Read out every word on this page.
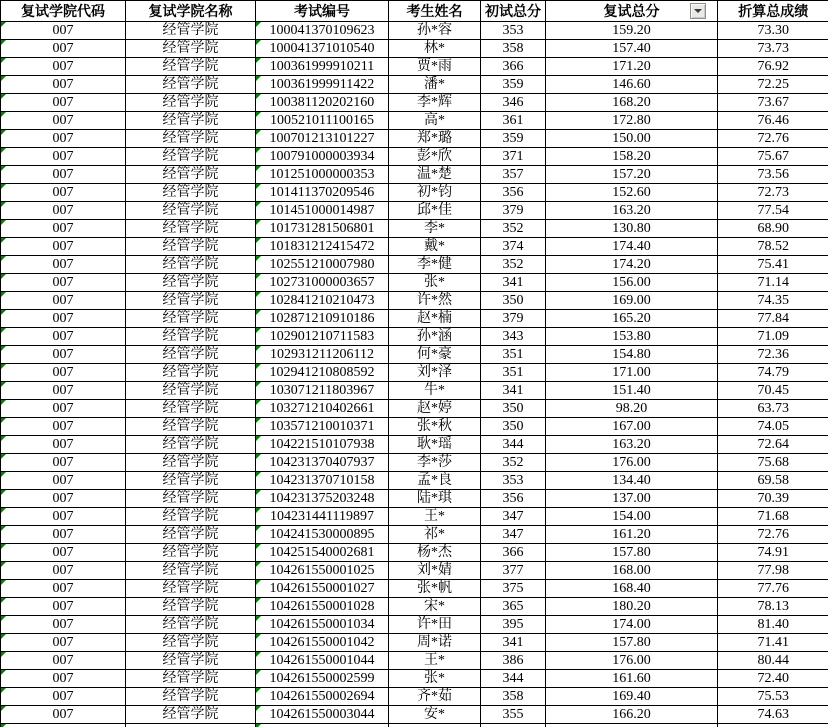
复试学院代码	复试学院名称	考试编号	考生姓名	初试总分	复试总分	折算总成绩

007	经管学院	100041370109623	孙*容	353	159.20	73.30

007	经管学院	100041371010540	林*	358	157.40	73.73

007	经管学院	100361999910211	贾*雨	366	171.20	76.92

007	经管学院	100361999911422	潘*	359	146.60	72.25

007	经管学院	100381120202160	李*辉	346	168.20	73.67

007	经管学院	100521011100165	高*	361	172.80	76.46

007	经管学院	100701213101227	郑*璐	359	150.00	72.76

007	经管学院	100791000003934	彭*欣	371	158.20	75.67

007	经管学院	101251000000353	温*楚	357	157.20	73.56

007	经管学院	101411370209546	初*钧	356	152.60	72.73

007	经管学院	101451000014987	邱*佳	379	163.20	77.54

007	经管学院	101731281506801	李*	352	130.80	68.90

007	经管学院	101831212415472	戴*	374	174.40	78.52

007	经管学院	102551210007980	李*健	352	174.20	75.41

007	经管学院	102731000003657	张*	341	156.00	71.14

007	经管学院	102841210210473	许*然	350	169.00	74.35

007	经管学院	102871210910186	赵*楠	379	165.20	77.84

007	经管学院	102901210711583	孙*涵	343	153.80	71.09

007	经管学院	102931211206112	何*豪	351	154.80	72.36

007	经管学院	102941210808592	刘*泽	351	171.00	74.79

007	经管学院	103071211803967	牛*	341	151.40	70.45

007	经管学院	103271210402661	赵*婷	350	98.20	63.73

007	经管学院	103571210010371	张*秋	350	167.00	74.05

007	经管学院	104221510107938	耿*瑶	344	163.20	72.64

007	经管学院	104231370407937	李*莎	352	176.00	75.68

007	经管学院	104231370710158	孟*良	353	134.40	69.58

007	经管学院	104231375203248	陆*琪	356	137.00	70.39

007	经管学院	104231441119897	王*	347	154.00	71.68

007	经管学院	104241530000895	祁*	347	161.20	72.76

007	经管学院	104251540002681	杨*杰	366	157.80	74.91

007	经管学院	104261550001025	刘*婧	377	168.00	77.98

007	经管学院	104261550001027	张*帆	375	168.40	77.76

007	经管学院	104261550001028	宋*	365	180.20	78.13

007	经管学院	104261550001034	许*田	395	174.00	81.40

007	经管学院	104261550001042	周*诺	341	157.80	71.41

007	经管学院	104261550001044	王*	386	176.00	80.44

007	经管学院	104261550002599	张*	344	161.60	72.40

007	经管学院	104261550002694	齐*茹	358	169.40	75.53

007	经管学院	104261550003044	安*	355	166.20	74.63
